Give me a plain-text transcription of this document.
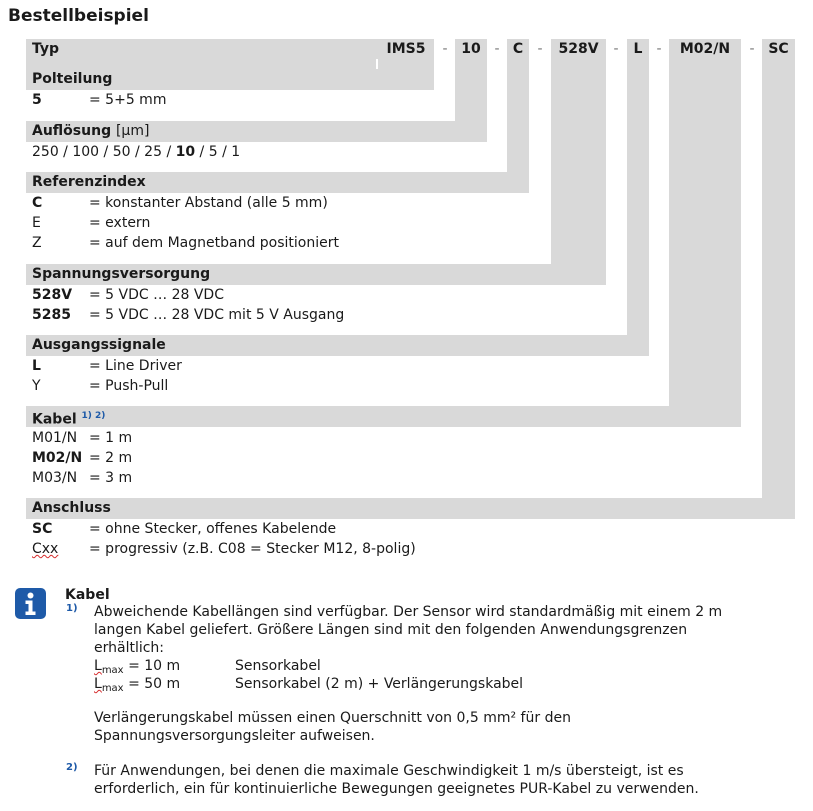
Bestellbeispiel
Typ	IMS5	- 10 - C	-	528V	-	L	-	M02/N	- SC
Polteilung
5	= 5+5 mm
Auflösung [µm]
250 / 100 / 50 / 25 / 10 / 5 / 1
Referenzindex
C	= konstanter Abstand (alle 5 mm)
E	= extern
Z	= auf dem Magnetband positioniert
Spannungsversorgung
528V = 5 VDC … 28 VDC
5285 = 5 VDC … 28 VDC mit 5 V Ausgang
Ausgangssignale
L	= Line Driver
Y	= Push-Pull
Kabel $^{1) 2)}$
M01/N = 1 m
M02/N = 2 m
M03/N = 3 m
Anschluss
SC	= ohne Stecker, offenes Kabelende
Cxx = progressiv (z.B. C08 = Stecker M12, 8-polig)
Kabel
1) Abweichende Kabellängen sind verfügbar. Der Sensor wird standardmäßig mit einem 2 m
langen Kabel geliefert. Größere Längen sind mit den folgenden Anwendungsgrenzen
erhältlich:
$L_{max} = 10$ m	Sensorkabel
$L_{max} = 50$ m	Sensorkabel (2 m) + Verlängerungskabel
Verlängerungskabel müssen einen Querschnitt von 0,5 mm² für den
Spannungsversorgungsleiter aufweisen.
2) Für Anwendungen, bei denen die maximale Geschwindigkeit 1 m/s übersteigt, ist es
erforderlich, ein für kontinuierliche Bewegungen geeignetes PUR-Kabel zu verwenden.
